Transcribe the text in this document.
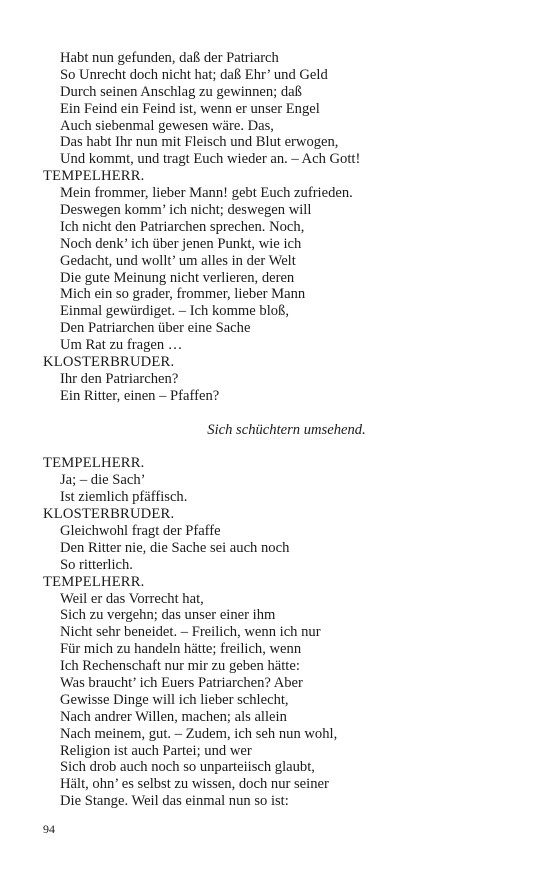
Habt nun gefunden, daß der Patriarch
So Unrecht doch nicht hat; daß Ehr’ und Geld
Durch seinen Anschlag zu gewinnen; daß
Ein Feind ein Feind ist, wenn er unser Engel
Auch siebenmal gewesen wäre. Das,
Das habt Ihr nun mit Fleisch und Blut erwogen,
Und kommt, und tragt Euch wieder an. – Ach Gott!
TEMPELHERR.
Mein frommer, lieber Mann! gebt Euch zufrieden.
Deswegen komm’ ich nicht; deswegen will
Ich nicht den Patriarchen sprechen. Noch,
Noch denk’ ich über jenen Punkt, wie ich
Gedacht, und wollt’ um alles in der Welt
Die gute Meinung nicht verlieren, deren
Mich ein so grader, frommer, lieber Mann
Einmal gewürdiget. – Ich komme bloß,
Den Patriarchen über eine Sache
Um Rat zu fragen …
KLOSTERBRUDER.
Ihr den Patriarchen?
Ein Ritter, einen – Pfaffen?
Sich schüchtern umsehend.
TEMPELHERR.
Ja; – die Sach’
Ist ziemlich pfäffisch.
KLOSTERBRUDER.
Gleichwohl fragt der Pfaffe
Den Ritter nie, die Sache sei auch noch
So ritterlich.
TEMPELHERR.
Weil er das Vorrecht hat,
Sich zu vergehn; das unser einer ihm
Nicht sehr beneidet. – Freilich, wenn ich nur
Für mich zu handeln hätte; freilich, wenn
Ich Rechenschaft nur mir zu geben hätte:
Was braucht’ ich Euers Patriarchen? Aber
Gewisse Dinge will ich lieber schlecht,
Nach andrer Willen, machen; als allein
Nach meinem, gut. – Zudem, ich seh nun wohl,
Religion ist auch Partei; und wer
Sich drob auch noch so unparteiisch glaubt,
Hält, ohn’ es selbst zu wissen, doch nur seiner
Die Stange. Weil das einmal nun so ist:
94
